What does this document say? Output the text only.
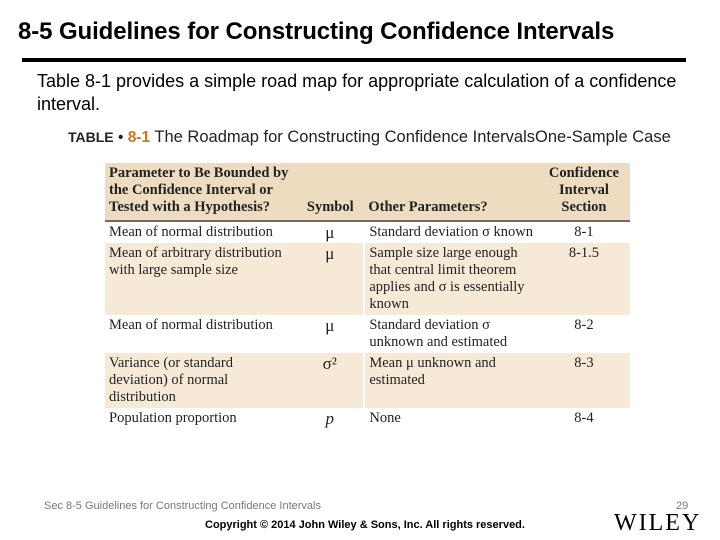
8-5 Guidelines for Constructing Confidence Intervals
Table 8-1 provides a simple road map for appropriate calculation of a confidence interval.
TABLE • 8-1 The Roadmap for Constructing Confidence IntervalsOne-Sample Case
Parameter to Be Bounded by the Confidence Interval or Tested with a Hypothesis?	Symbol	Other Parameters?	Confidence Interval Section
Mean of normal distribution	μ	Standard deviation σ known	8-1
Mean of arbitrary distribution with large sample size	μ	Sample size large enough that central limit theorem applies and σ is essentially known	8-1.5
Mean of normal distribution	μ	Standard deviation σ unknown and estimated	8-2
Variance (or standard deviation) of normal distribution	σ²	Mean μ unknown and estimated	8-3
Population proportion	p	None	8-4
Sec 8-5 Guidelines for Constructing Confidence Intervals	29
Copyright © 2014 John Wiley & Sons, Inc. All rights reserved.	WILEY
